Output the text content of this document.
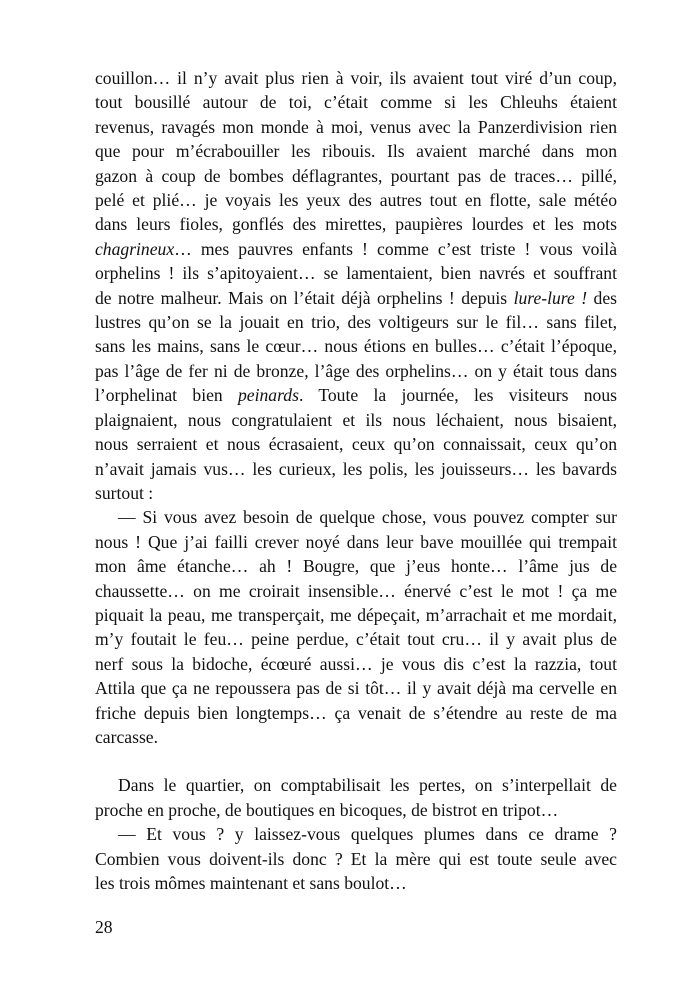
couillon… il n’y avait plus rien à voir, ils avaient tout viré d’un coup,
tout bousillé autour de toi, c’était comme si les Chleuhs étaient
revenus, ravagés mon monde à moi, venus avec la Panzerdivision rien
que pour m’écrabouiller les ribouis. Ils avaient marché dans mon
gazon à coup de bombes déflagrantes, pourtant pas de traces… pillé,
pelé et plié… je voyais les yeux des autres tout en flotte, sale météo
dans leurs fioles, gonflés des mirettes, paupières lourdes et les mots
chagrineux… mes pauvres enfants ! comme c’est triste ! vous voilà
orphelins ! ils s’apitoyaient… se lamentaient, bien navrés et souffrant
de notre malheur. Mais on l’était déjà orphelins ! depuis lure-lure ! des
lustres qu’on se la jouait en trio, des voltigeurs sur le fil… sans filet,
sans les mains, sans le cœur… nous étions en bulles… c’était l’époque,
pas l’âge de fer ni de bronze, l’âge des orphelins… on y était tous dans
l’orphelinat bien peinards. Toute la journée, les visiteurs nous
plaignaient, nous congratulaient et ils nous léchaient, nous bisaient,
nous serraient et nous écrasaient, ceux qu’on connaissait, ceux qu’on
n’avait jamais vus… les curieux, les polis, les jouisseurs… les bavards
surtout :
— Si vous avez besoin de quelque chose, vous pouvez compter sur
nous ! Que j’ai failli crever noyé dans leur bave mouillée qui trempait
mon âme étanche… ah ! Bougre, que j’eus honte… l’âme jus de
chaussette… on me croirait insensible… énervé c’est le mot ! ça me
piquait la peau, me transperçait, me dépeçait, m’arrachait et me mordait,
m’y foutait le feu… peine perdue, c’était tout cru… il y avait plus de
nerf sous la bidoche, écœuré aussi… je vous dis c’est la razzia, tout
Attila que ça ne repoussera pas de si tôt… il y avait déjà ma cervelle en
friche depuis bien longtemps… ça venait de s’étendre au reste de ma
carcasse.
Dans le quartier, on comptabilisait les pertes, on s’interpellait de
proche en proche, de boutiques en bicoques, de bistrot en tripot…
— Et vous ? y laissez-vous quelques plumes dans ce drame ?
Combien vous doivent-ils donc ? Et la mère qui est toute seule avec
les trois mômes maintenant et sans boulot…
28
